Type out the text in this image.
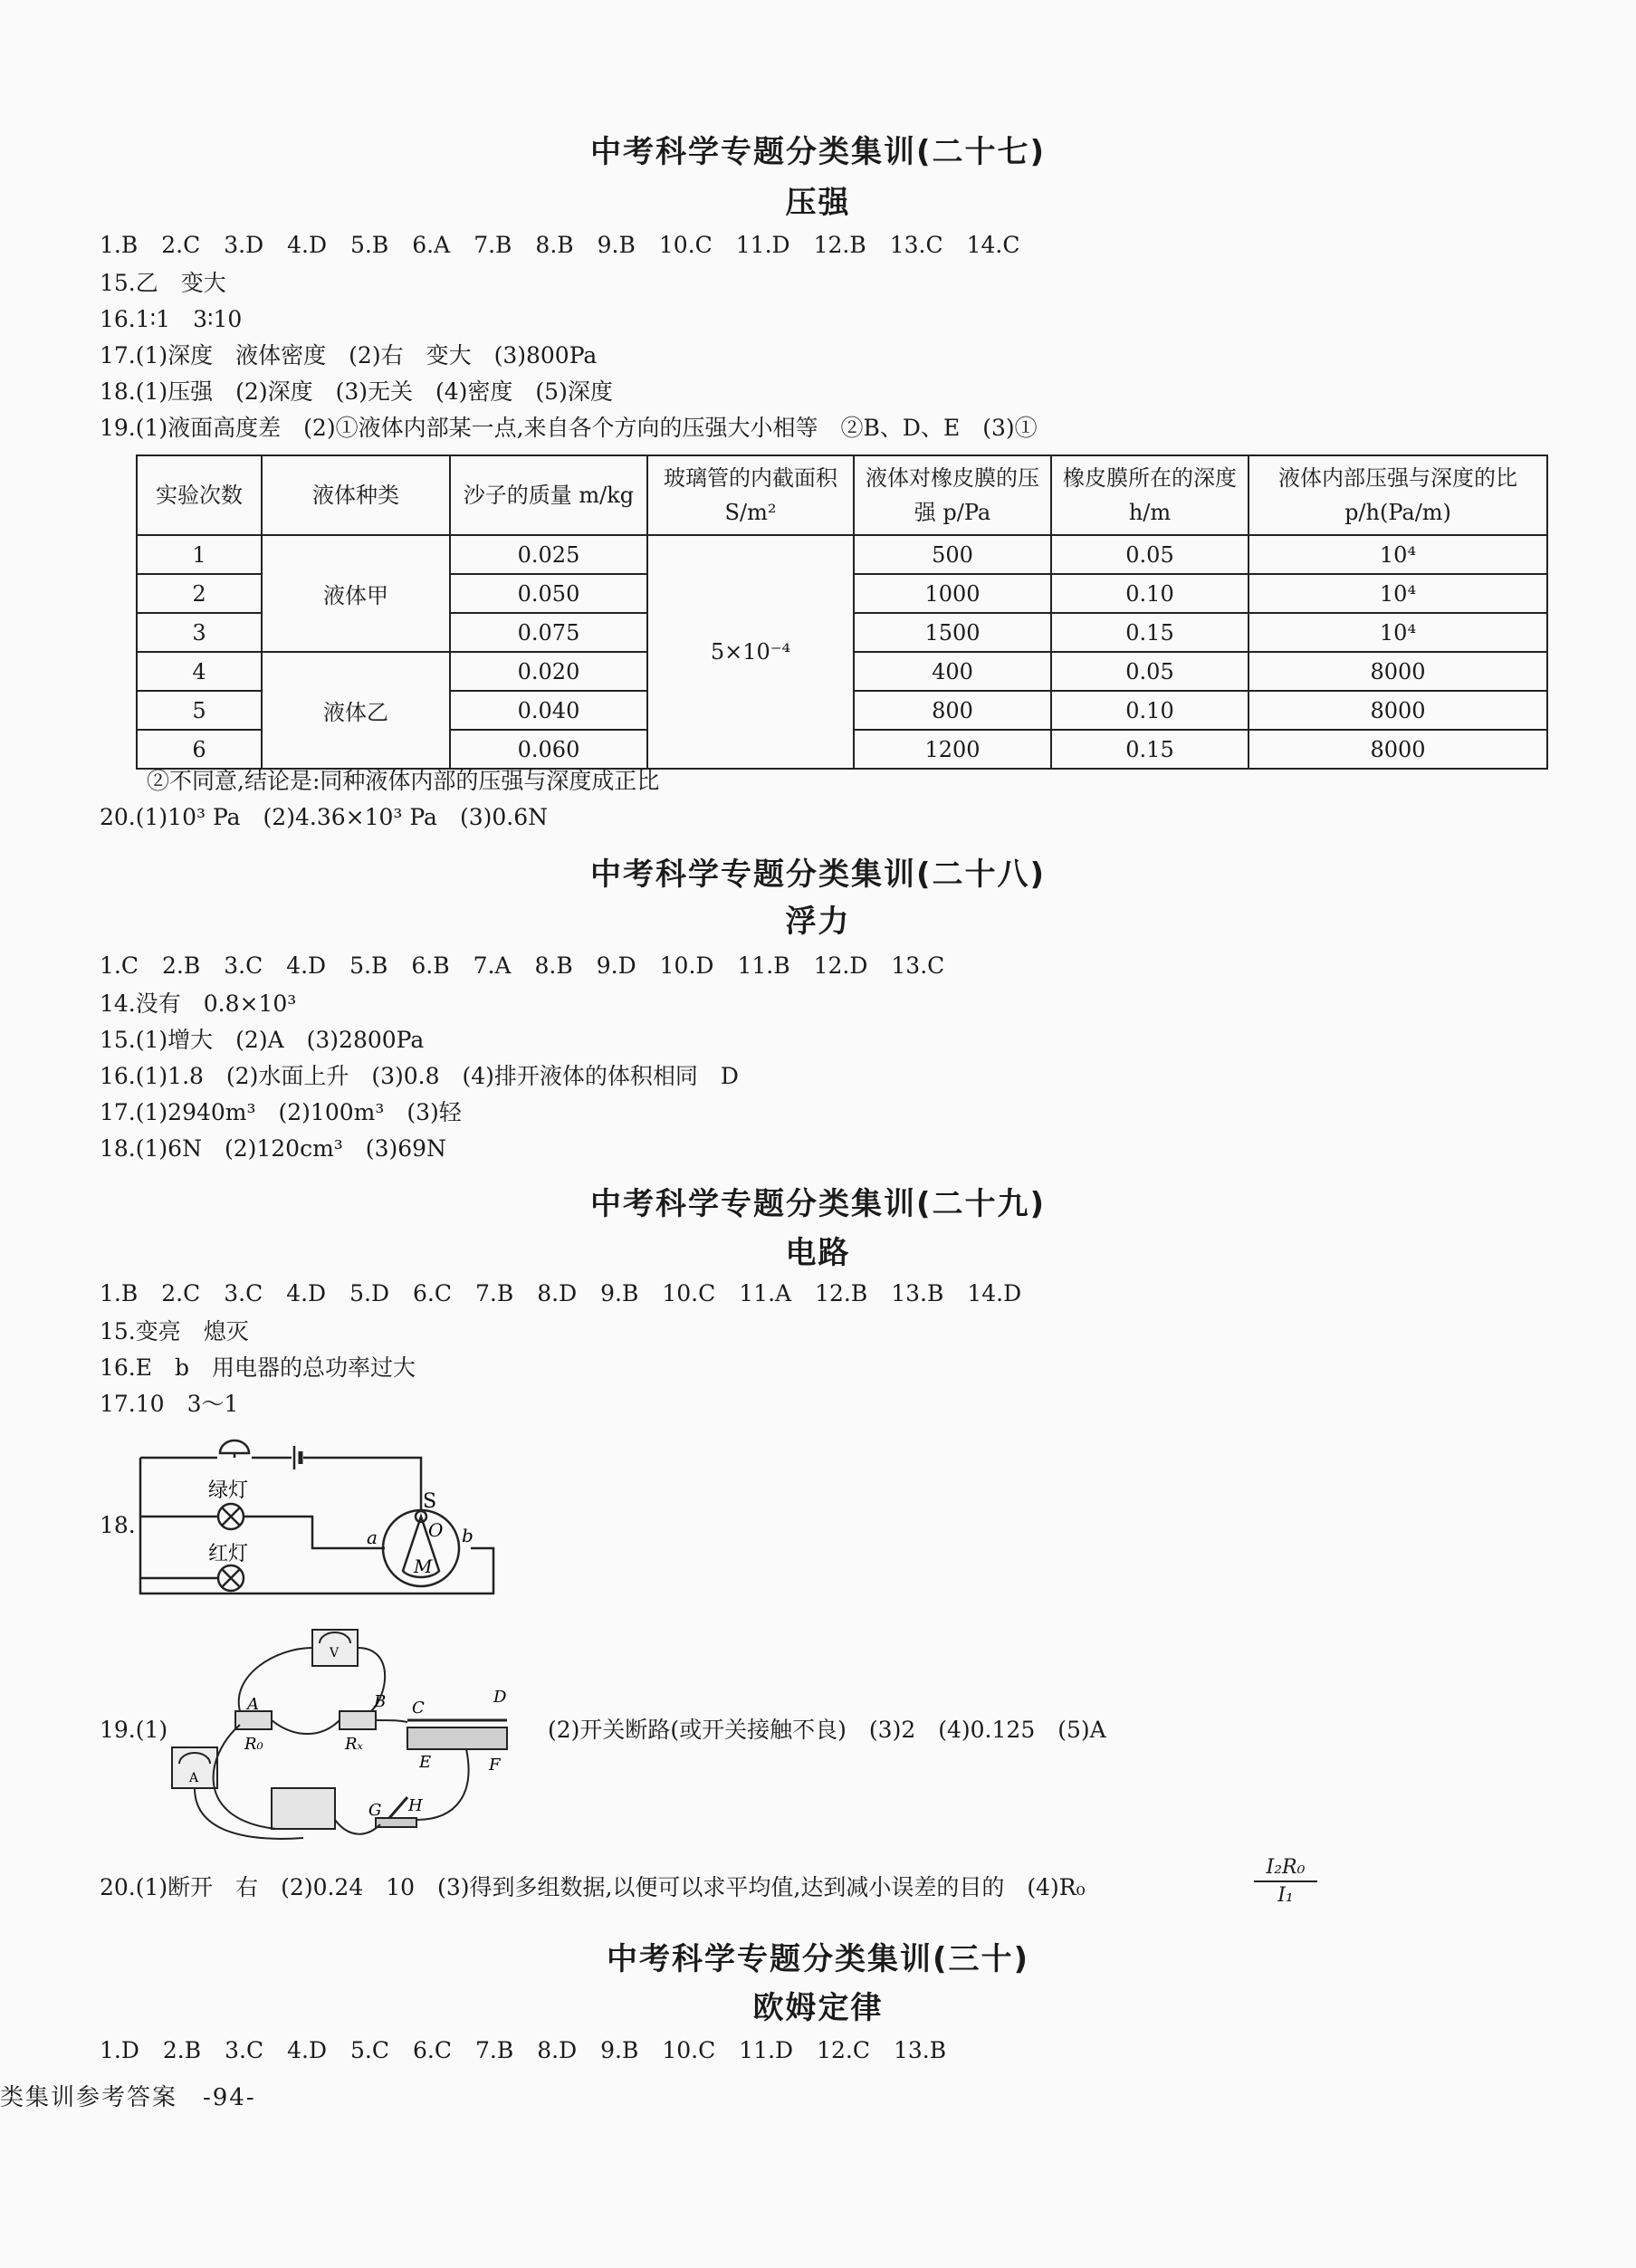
中考科学专题分类集训(二十七)
压强
1.B 2.C 3.D 4.D 5.B 6.A 7.B 8.B 9.B 10.C 11.D 12.B 13.C 14.C
15.乙　变大
16.1∶1　3∶10
17.(1)深度　液体密度　(2)右　变大　(3)800Pa
18.(1)压强　(2)深度　(3)无关　(4)密度　(5)深度
19.(1)液面高度差　(2)①液体内部某一点,来自各个方向的压强大小相等　②B、D、E　(3)①
实验次数	液体种类	沙子的质量 m/kg	玻璃管的内截面积 S/m²	液体对橡皮膜的压强 p/Pa	橡皮膜所在的深度 h/m	液体内部压强与深度的比 p/h(Pa/m)
1	液体甲	0.025	5×10⁻⁴	500	0.05	10⁴
2		0.050		1000	0.10	10⁴
3		0.075		1500	0.15	10⁴
4	液体乙	0.020		400	0.05	8000
5		0.040		800	0.10	8000
6		0.060		1200	0.15	8000
②不同意,结论是:同种液体内部的压强与深度成正比
20.(1)10³ Pa　(2)4.36×10³ Pa　(3)0.6N
中考科学专题分类集训(二十八)
浮力
1.C 2.B 3.C 4.D 5.B 6.B 7.A 8.B 9.D 10.D 11.B 12.D 13.C
14.没有　0.8×10³
15.(1)增大　(2)A　(3)2800Pa
16.(1)1.8　(2)水面上升　(3)0.8　(4)排开液体的体积相同　D
17.(1)2940m³　(2)100m³　(3)轻
18.(1)6N　(2)120cm³　(3)69N
中考科学专题分类集训(二十九)
电路
1.B 2.C 3.C 4.D 5.D 6.C 7.B 8.D 9.B 10.C 11.A 12.B 13.B 14.D
15.变亮　熄灭
16.E　b　用电器的总功率过大
17.10　3～1
18.
绿灯
红灯
S
O
a	b
M
19.(1)
A	B C
D
E	F
G H
R₀	Rₓ
V
A
(2)开关断路(或开关接触不良)　(3)2　(4)0.125　(5)A
20.(1)断开　右　(2)0.24　10　(3)得到多组数据,以便可以求平均值,达到减小误差的目的　(4)R₀	$\frac{\text{I₂R₀}}{\text{I₁}}$
中考科学专题分类集训(三十)
欧姆定律
1.D 2.B 3.C 4.D 5.C 6.C 7.B 8.D 9.B 10.C 11.D 12.C 13.B
类集训参考答案　-94-
